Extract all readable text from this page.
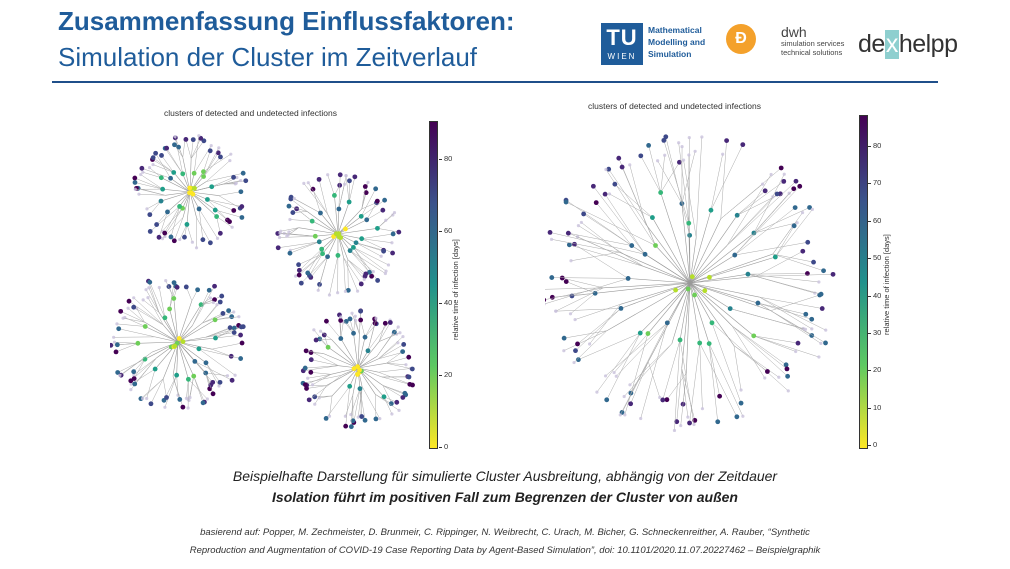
Zusammenfassung Einflussfaktoren:
Simulation der Cluster im Zeitverlauf
TU
WIEN
Mathematical
Modelling and
Simulation
Ɖ	dwh
simulation services
technical solutions dexhelpp
clusters of detected and undetected infections
80
60
40
20
0
relative time of infection [days]
clusters of detected and undetected infections
80
70
60
50
40
30
20
10
0
relative time of infection [days]
Beispielhafte Darstellung für simulierte Cluster Ausbreitung, abhängig von der Zeitdauer
Isolation führt im positiven Fall zum Begrenzen der Cluster von außen
basierend auf: Popper, M. Zechmeister, D. Brunmeir, C. Rippinger, N. Weibrecht, C. Urach, M. Bicher, G. Schneckenreither, A. Rauber, “Synthetic
Reproduction and Augmentation of COVID-19 Case Reporting Data by Agent-Based Simulation”, doi: 10.1101/2020.11.07.20227462 – Beispielgraphik
